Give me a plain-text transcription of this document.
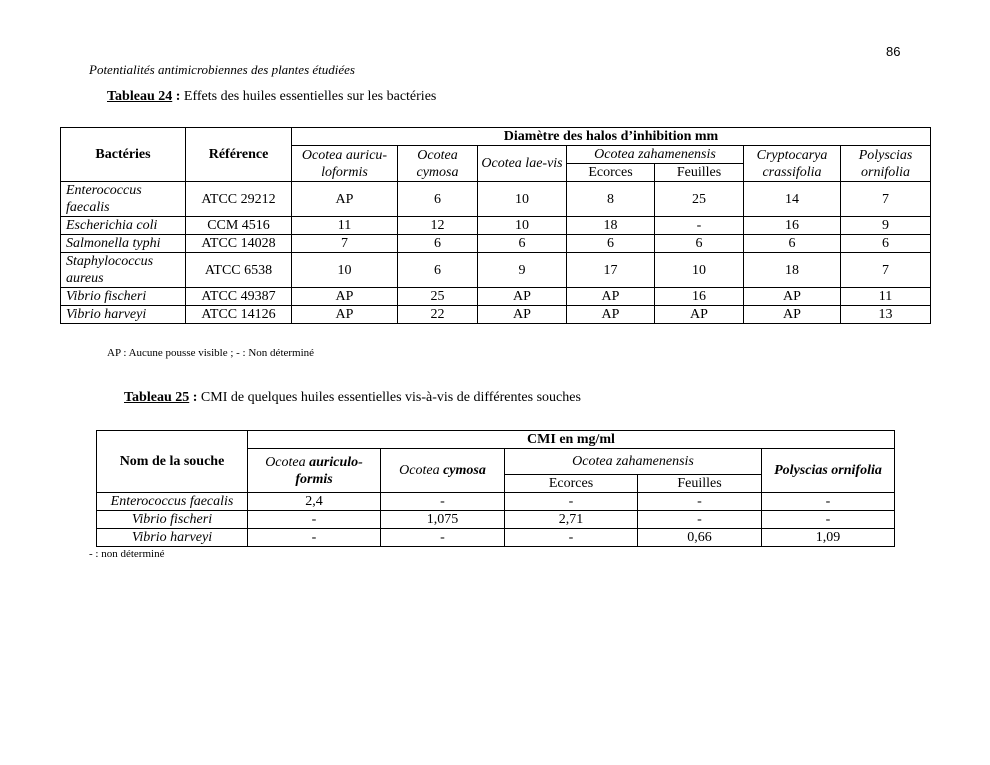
86
Potentialités antimicrobiennes des plantes étudiées
Tableau 24 : Effets des huiles essentielles sur les bactéries
Bactéries	Référence	Diamètre des halos d’inhibition mm						
		Ocotea auricu-loformis	Ocotea cymosa	Ocotea lae-vis	Ocotea zahamenensis		Cryptocarya crassifolia	Polyscias ornifolia
					Ecorces	Feuilles		
Enterococcus faecalis	ATCC 29212	AP	6	10	8	25	14	7
Escherichia coli	CCM 4516	11	12	10	18	-	16	9
Salmonella typhi	ATCC 14028	7	6	6	6	6	6	6
Staphylococcus aureus	ATCC 6538	10	6	9	17	10	18	7
Vibrio fischeri	ATCC 49387	AP	25	AP	AP	16	AP	11
Vibrio harveyi	ATCC 14126	AP	22	AP	AP	AP	AP	13
AP : Aucune pousse visible ; - : Non déterminé
Tableau 25 : CMI de quelques huiles essentielles vis-à-vis de différentes souches
Nom de la souche	CMI en mg/ml				
	Ocotea auriculo-formis	Ocotea cymosa	Ocotea zahamenensis		Polyscias ornifolia
			Ecorces	Feuilles	
Enterococcus faecalis	2,4	-	-	-	-
Vibrio fischeri	-	1,075	2,71	-	-
Vibrio harveyi	-	-	-	0,66	1,09
- : non déterminé
